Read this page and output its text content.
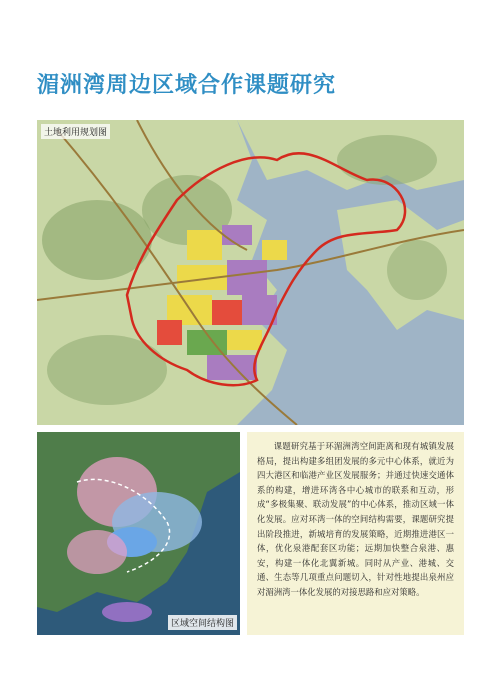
湄洲湾周边区域合作课题研究
土地利用规划图
区域空间结构图
课题研究基于环湄洲湾空间距离和现有城镇发展格局，提出构建多组团发展的多元中心体系，就近为四大港区和临港产业区发展服务；并通过快速交通体系的构建，增进环湾各中心城市的联系和互动，形成“多极集聚、联动发展”的中心体系，推动区域一体化发展。应对环湾一体的空间结构需要，课题研究提出阶段推进，新城培育的发展策略，近期推进港区一体，优化泉港配套区功能；远期加快整合泉港、惠安，构建一体化北翼新城。同时从产业、港城、交通、生态等几项重点问题切入，针对性地提出泉州应对湄洲湾一体化发展的对接思路和应对策略。
